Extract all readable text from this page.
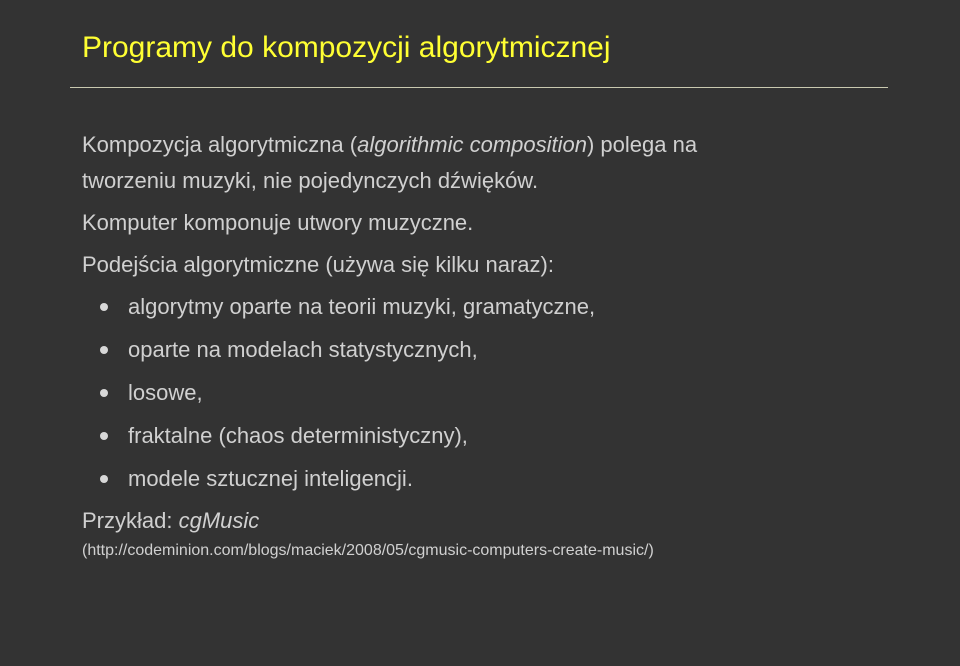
Programy do kompozycji algorytmicznej
Kompozycja algorytmiczna (algorithmic composition) polega na
tworzeniu muzyki, nie pojedynczych dźwięków.
Komputer komponuje utwory muzyczne.
Podejścia algorytmiczne (używa się kilku naraz):
algorytmy oparte na teorii muzyki, gramatyczne,
oparte na modelach statystycznych,
losowe,
fraktalne (chaos deterministyczny),
modele sztucznej inteligencji.
Przykład: cgMusic
(http://codeminion.com/blogs/maciek/2008/05/cgmusic-computers-create-music/)
